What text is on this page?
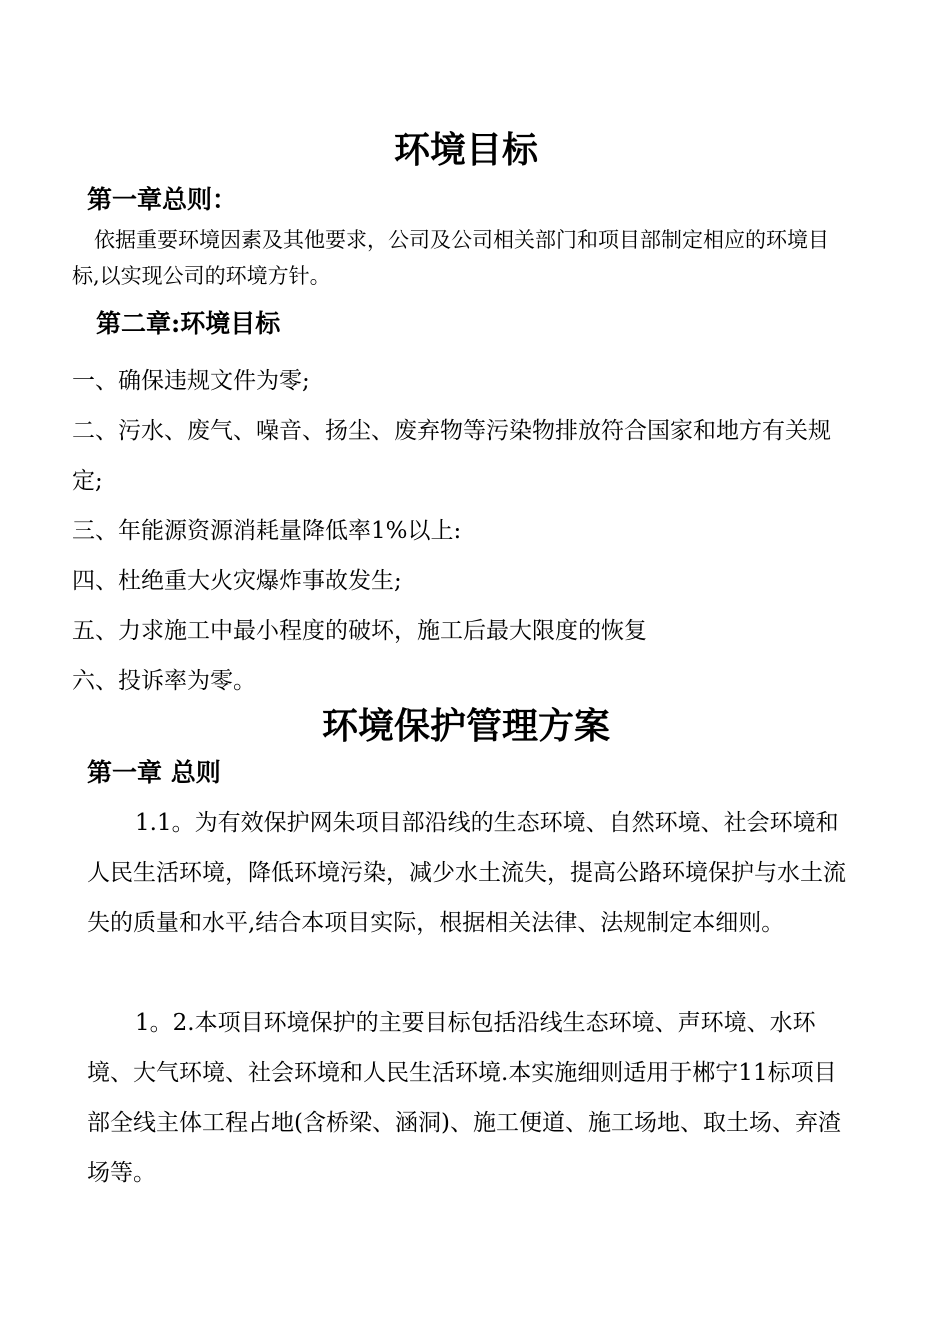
环境目标
第一章总则：
依据重要环境因素及其他要求，公司及公司相关部门和项目部制定相应的环境目标,以实现公司的环境方针。
第二章:环境目标
一、确保违规文件为零;
二、污水、废气、噪音、扬尘、废弃物等污染物排放符合国家和地方有关规定;
三、年能源资源消耗量降低率1%以上:
四、杜绝重大火灾爆炸事故发生;
五、力求施工中最小程度的破坏，施工后最大限度的恢复
六、投诉率为零。
环境保护管理方案
第一章 总则
1.1。为有效保护网朱项目部沿线的生态环境、自然环境、社会环境和人民生活环境，降低环境污染，减少水土流失，提高公路环境保护与水土流失的质量和水平,结合本项目实际，根据相关法律、法规制定本细则。
1。2.本项目环境保护的主要目标包括沿线生态环境、声环境、水环境、大气环境、社会环境和人民生活环境.本实施细则适用于郴宁11标项目部全线主体工程占地(含桥梁、涵洞)、施工便道、施工场地、取土场、弃渣场等。
